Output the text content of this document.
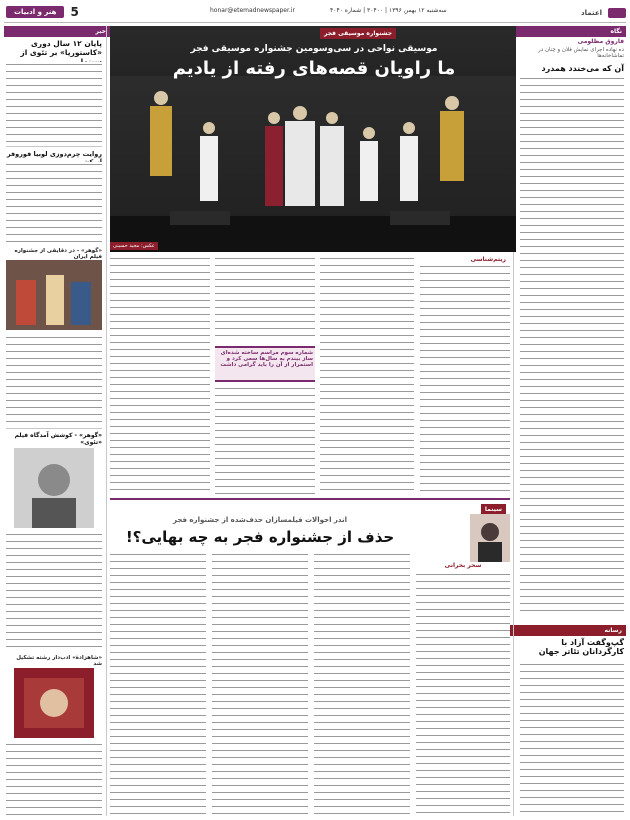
اعتماد
5
هنر و ادبیات	honar@etemadnewspaper.ir	سه‌شنبه ۱۲ بهمن ۱۳۹۶ | ۳۰۴۰۰ | شماره ۴۰۴۰
نگاه
فاروق مظلومی
ده نهاده اجرای نمایش فلان و چنان در تماشاخانه‌ها
آن که می‌خندد همدرد
رسانه
گپ‌وگفت آزاد با کارگردانان تئاتر جهان
جشنواره موسیقی فجر
موسیقی نواحی در سی‌وسومین جشنواره موسیقی فجر
ما راویان قصه‌های رفته از یادیم
عکس: مجید حسینی
خبر
پایان ۱۲ سال دوری «کاستوریا» بر تئوی از
روایت چرم‌دوزی لوبیا فوروفر
«گوهر» - در دقایقی از جشنواره فیلم ایران
«گوهر» - کوشش آمدگاه فیلم «تئوی»
«شاهزادهٔ» ادب‌دار رشته تشکیل شد
ریتم‌شناسی
شماره سوم مراسم ساخته شده‌ای ساز بیندم به سال‌ها سعی کرد و استمرار از آن را باید گرامی داشت
سینما
اندر احوالات فیلمسازان حذف‌شده از جشنواره فجر
حذف از جشنواره فجر به چه بهایی؟!
سحر بحرانی
